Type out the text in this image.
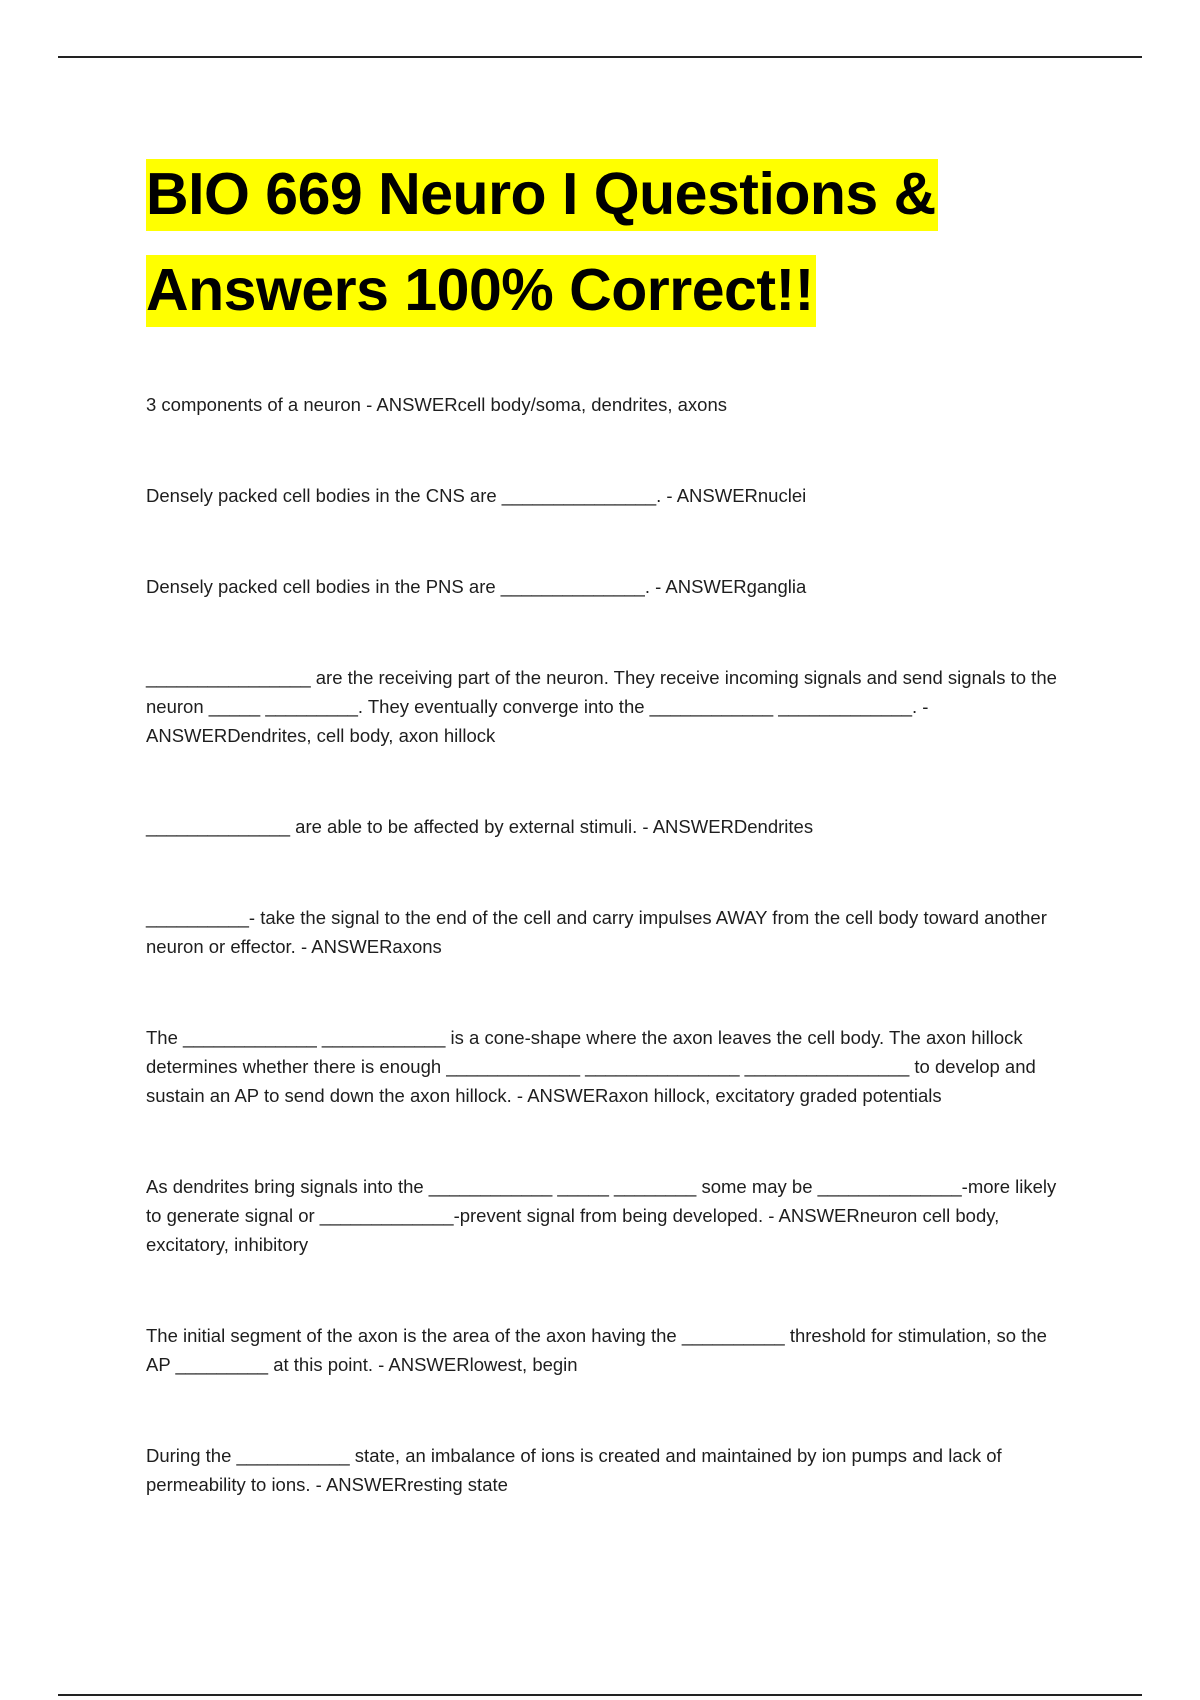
BIO 669 Neuro I Questions &
Answers 100% Correct!!
3 components of a neuron - ANSWERcell body/soma, dendrites, axons
Densely packed cell bodies in the CNS are _______________. - ANSWERnuclei
Densely packed cell bodies in the PNS are ______________. - ANSWERganglia
________________ are the receiving part of the neuron. They receive incoming signals and send signals to the neuron _____ _________. They eventually converge into the ____________ _____________. - ANSWERDendrites, cell body, axon hillock
______________ are able to be affected by external stimuli. - ANSWERDendrites
__________- take the signal to the end of the cell and carry impulses AWAY from the cell body toward another neuron or effector. - ANSWERaxons
The _____________ ____________ is a cone-shape where the axon leaves the cell body. The axon hillock determines whether there is enough _____________ _______________ ________________ to develop and sustain an AP to send down the axon hillock. - ANSWERaxon hillock, excitatory graded potentials
As dendrites bring signals into the ____________ _____ ________ some may be ______________-more likely to generate signal or _____________-prevent signal from being developed. - ANSWERneuron cell body, excitatory, inhibitory
The initial segment of the axon is the area of the axon having the __________ threshold for stimulation, so the AP _________ at this point. - ANSWERlowest, begin
During the ___________ state, an imbalance of ions is created and maintained by ion pumps and lack of permeability to ions. - ANSWERresting state
